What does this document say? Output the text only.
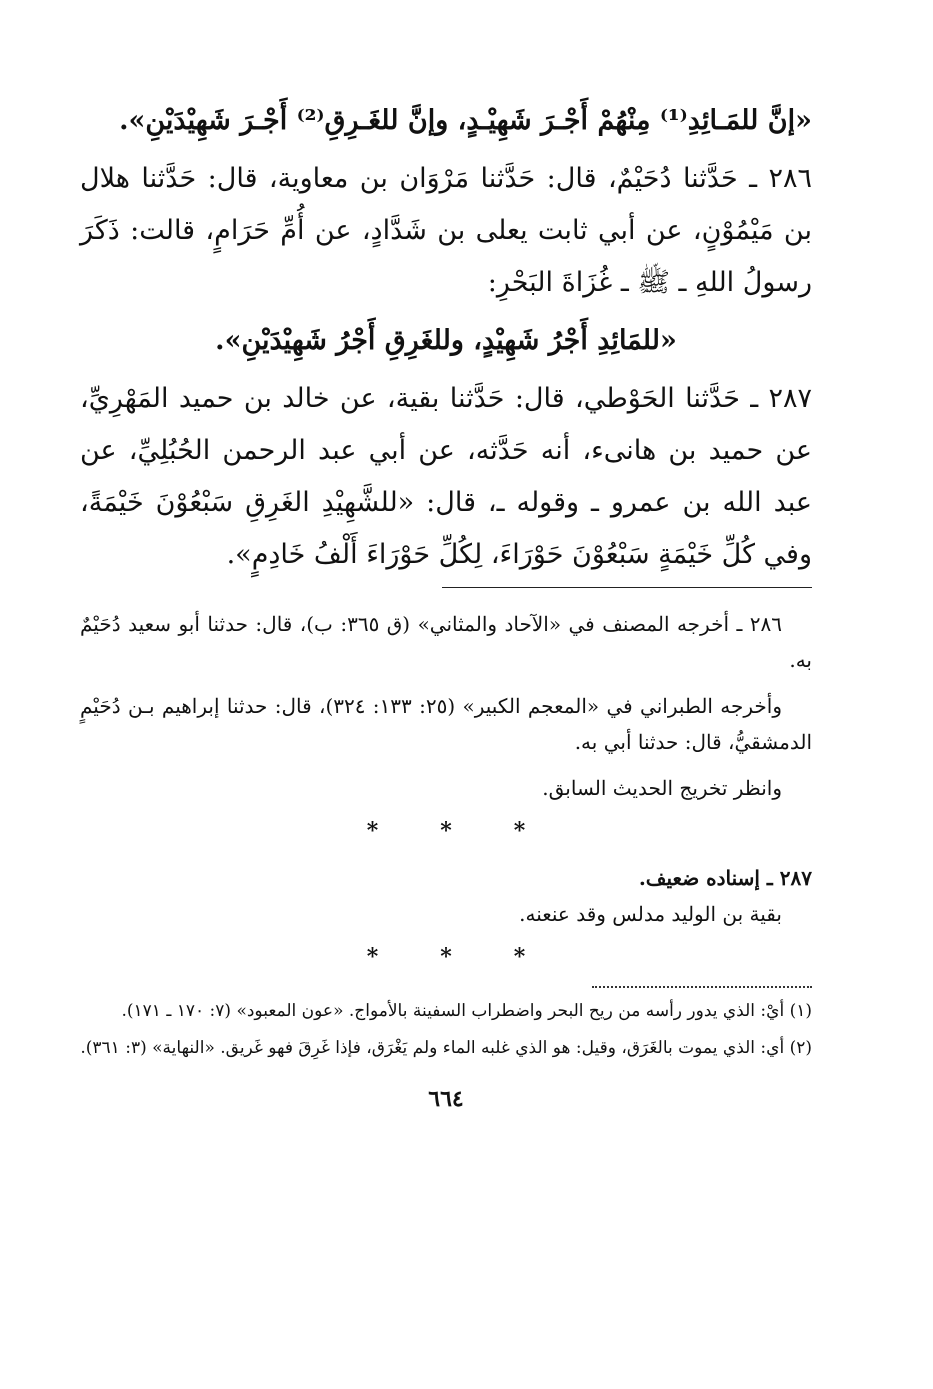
«إنَّ للمَـائِدِ⁽¹⁾ مِنْهُمْ أَجْـرَ شَهِيْـدٍ، وإنَّ للغَـرِقِ⁽²⁾ أَجْـرَ شَهِيْدَيْنِ».
٢٨٦ ـ حَدَّثنا دُحَيْمٌ، قال: حَدَّثنا مَرْوَان بن معاوية، قال: حَدَّثنا هلال بن مَيْمُوْنٍ، عن أبي ثابت يعلى بن شَدَّادٍ، عن أُمِّ حَرَامٍ، قالت: ذَكَرَ رسولُ اللهِ ـ ﷺ ـ غُزَاةَ البَحْرِ:
«للمَائِدِ أَجْرُ شَهِيْدٍ، وللغَرِقِ أَجْرُ شَهِيْدَيْنِ».
٢٨٧ ـ حَدَّثنا الحَوْطي، قال: حَدَّثنا بقية، عن خالد بن حميد المَهْرِيِّ، عن حميد بن هانىء، أنه حَدَّثه، عن أبي عبد الرحمن الحُبُلِيِّ، عن عبد الله بن عمرو ـ وقوله ـ، قال: «للشَّهِيْدِ الغَرِقِ سَبْعُوْنَ خَيْمَةً، وفي كُلِّ خَيْمَةٍ سَبْعُوْنَ حَوْرَاءَ، لِكُلِّ حَوْرَاءَ أَلْفُ خَادِمٍ».
٢٨٦ ـ أخرجه المصنف في «الآحاد والمثاني» (ق ٣٦٥: ب)، قال: حدثنا أبو سعيد دُحَيْمٌ به.
وأخرجه الطبراني في «المعجم الكبير» (٢٥: ١٣٣: ٣٢٤)، قال: حدثنا إبراهيم بـن دُحَيْمٍ الدمشقيُّ، قال: حدثنا أبي به.
وانظر تخريج الحديث السابق.
*	*	*
٢٨٧ ـ إسناده ضعيف.
بقية بن الوليد مدلس وقد عنعنه.
*	*	*
(١) أيْ: الذي يدور رأسه من ريح البحر واضطراب السفينة بالأمواج. «عون المعبود» (٧: ١٧٠ ـ ١٧١).
(٢) أي: الذي يموت بالغَرَق، وقيل: هو الذي غلبه الماء ولم يَغْرَق، فإذا غَرِقَ فهو غَريق. «النهاية» (٣: ٣٦١).
٦٦٤
